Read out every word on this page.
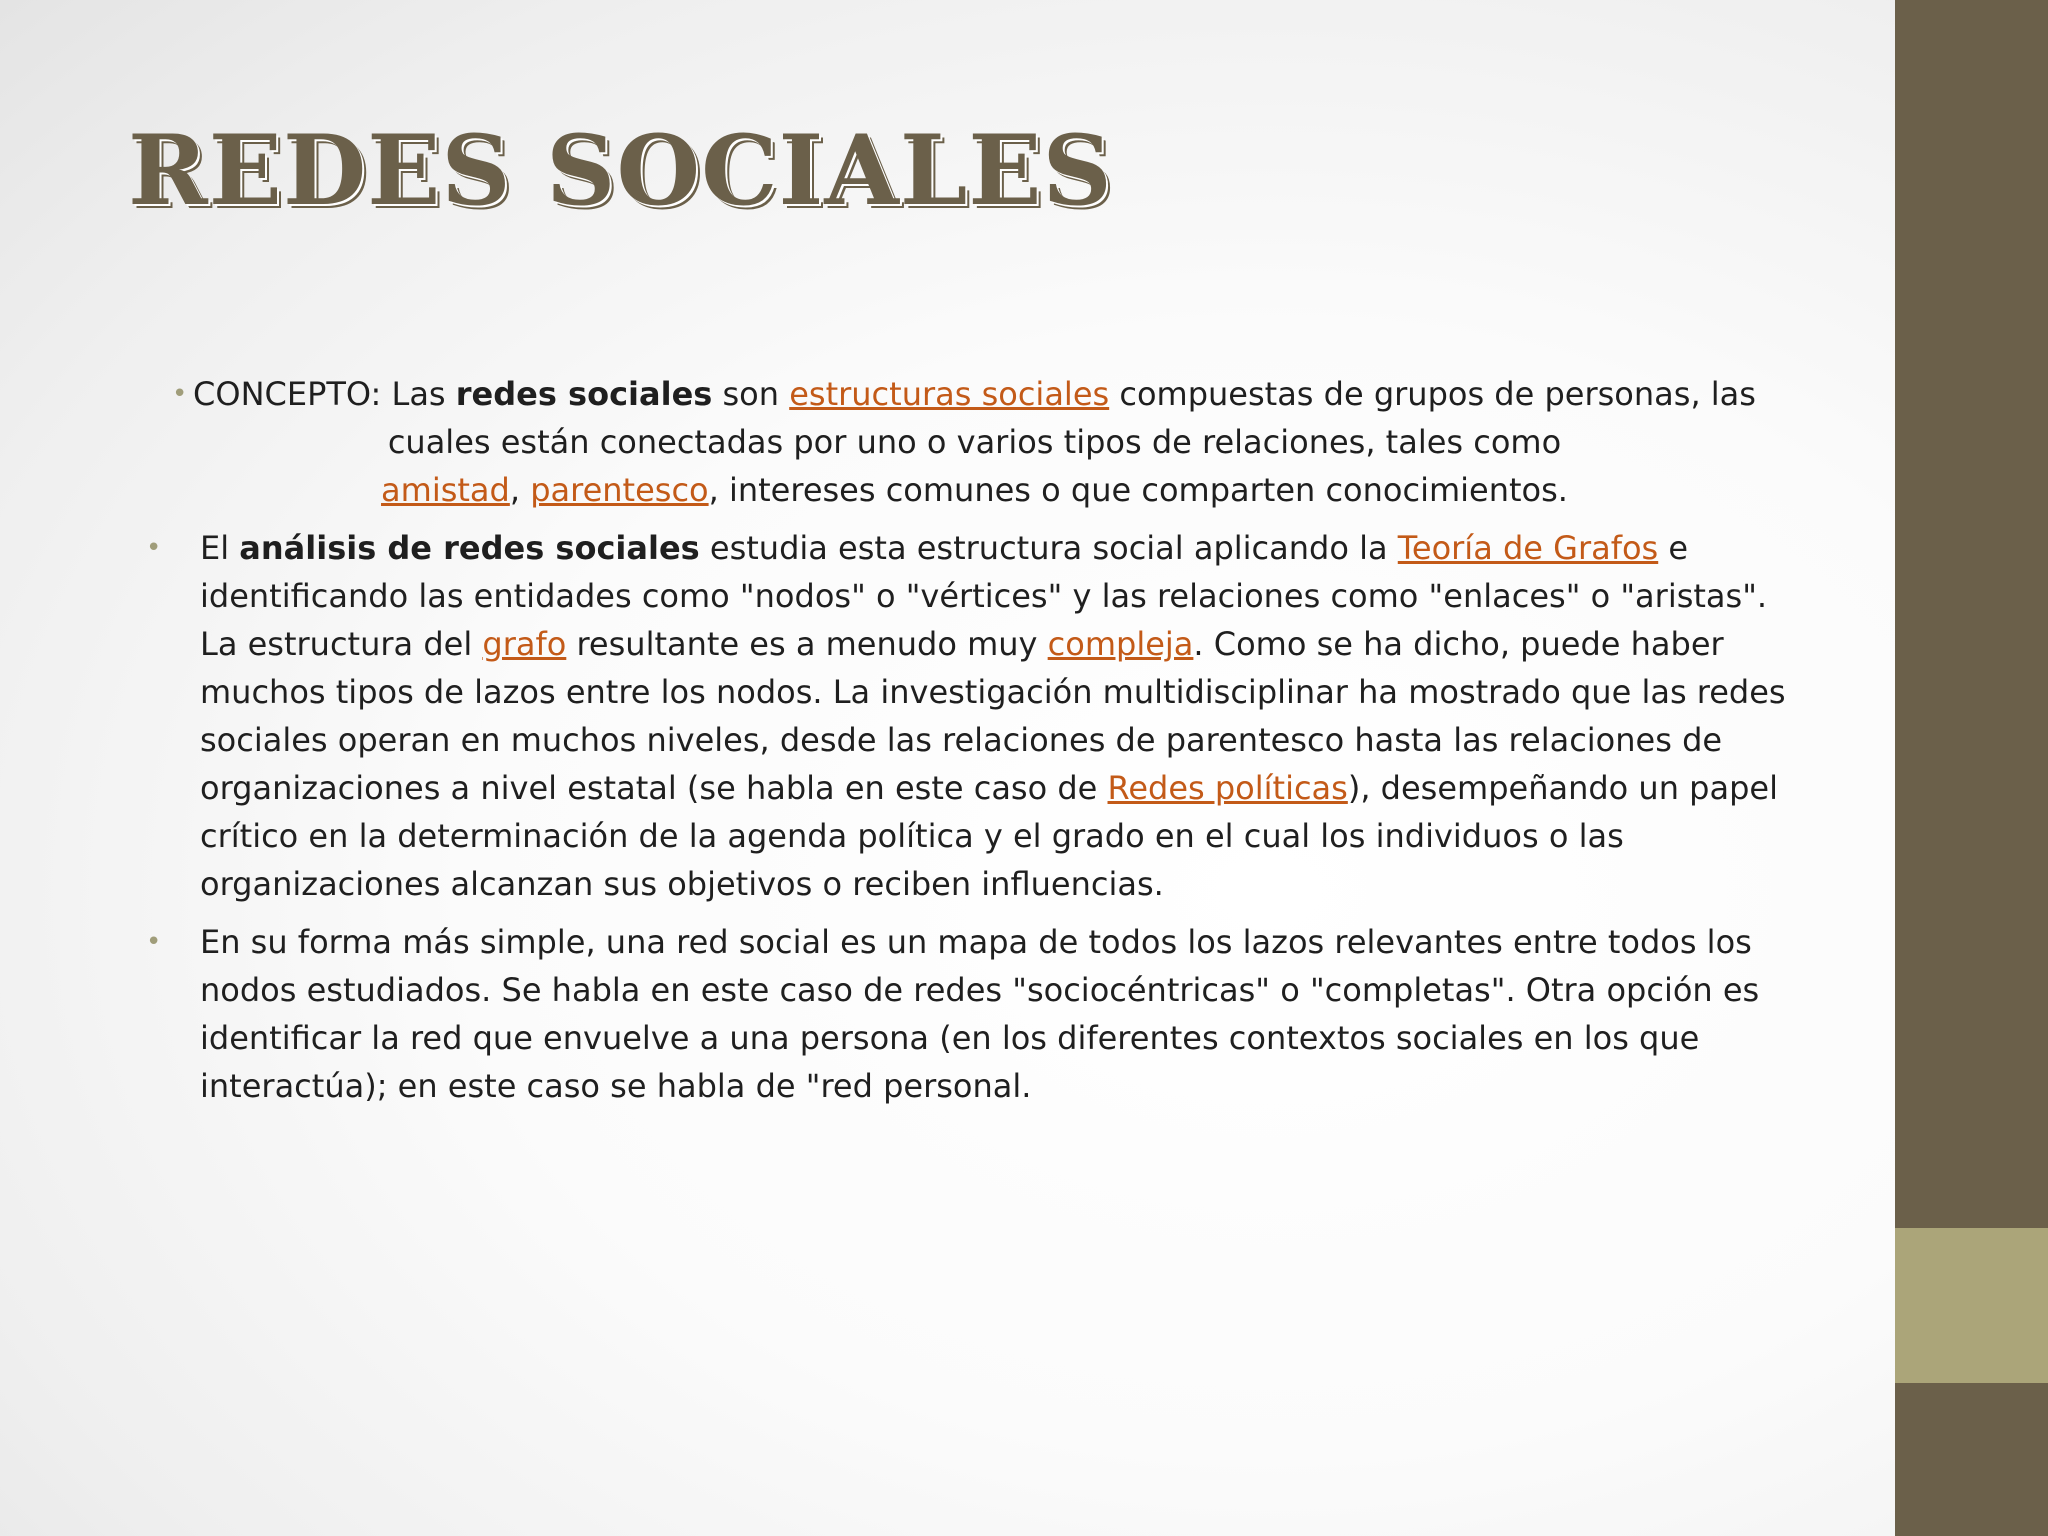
REDES SOCIALES

• CONCEPTO: Las redes sociales son estructuras sociales compuestas de grupos de personas, las cuales están conectadas por uno o varios tipos de relaciones, tales como
amistad, parentesco, intereses comunes o que comparten conocimientos.

• El análisis de redes sociales estudia esta estructura social aplicando la Teoría de Grafos e identificando las entidades como "nodos" o "vértices" y las relaciones como "enlaces" o "aristas". La estructura del grafo resultante es a menudo muy compleja. Como se ha dicho, puede haber muchos tipos de lazos entre los nodos. La investigación multidisciplinar ha mostrado que las redes sociales operan en muchos niveles, desde las relaciones de parentesco hasta las relaciones de organizaciones a nivel estatal (se habla en este caso de Redes políticas), desempeñando un papel crítico en la determinación de la agenda política y el grado en el cual los individuos o las organizaciones alcanzan sus objetivos o reciben influencias.

• En su forma más simple, una red social es un mapa de todos los lazos relevantes entre todos los nodos estudiados. Se habla en este caso de redes "sociocéntricas" o "completas". Otra opción es identificar la red que envuelve a una persona (en los diferentes contextos sociales en los que interactúa); en este caso se habla de "red personal.
